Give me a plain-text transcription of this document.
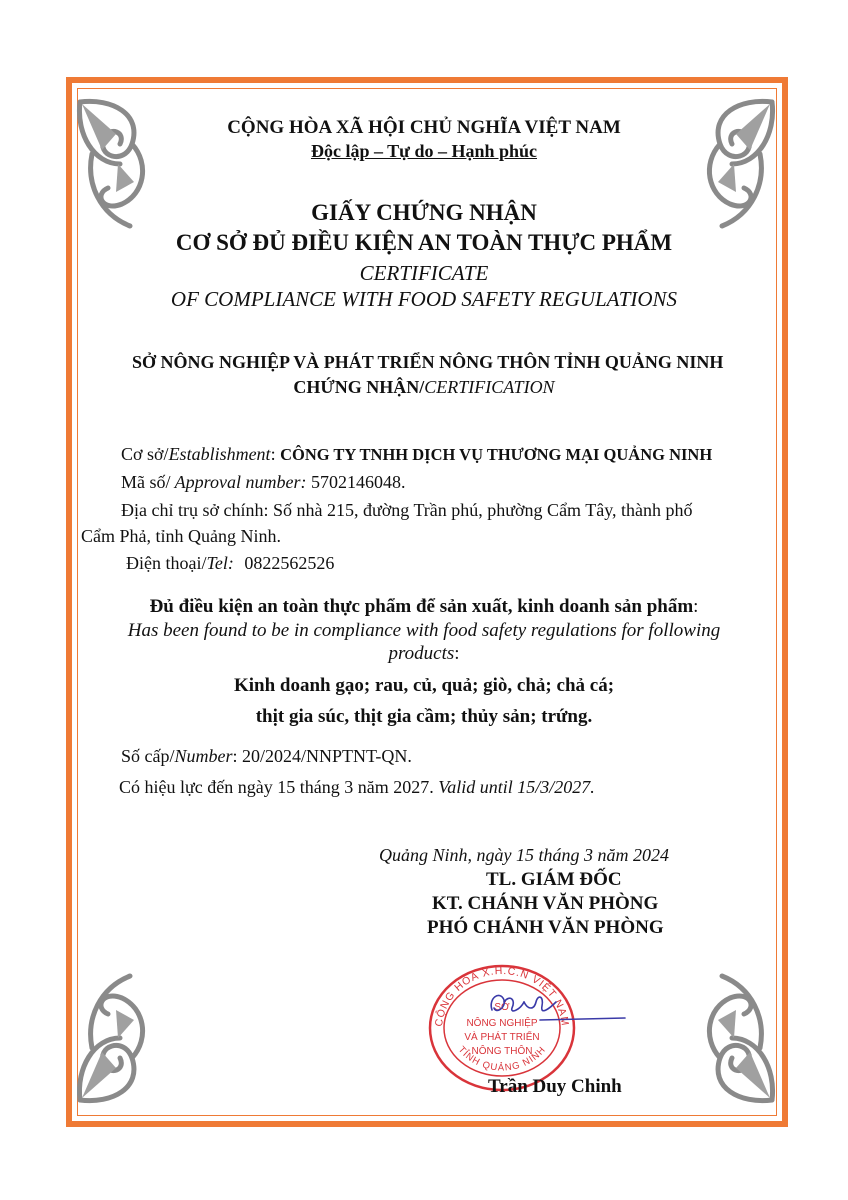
CỘNG HÒA XÃ HỘI CHỦ NGHĨA VIỆT NAM
Độc lập – Tự do – Hạnh phúc
GIẤY CHỨNG NHẬN
CƠ SỞ ĐỦ ĐIỀU KIỆN AN TOÀN THỰC PHẨM
CERTIFICATE
OF COMPLIANCE WITH FOOD SAFETY REGULATIONS
SỞ NÔNG NGHIỆP VÀ PHÁT TRIỂN NÔNG THÔN TỈNH QUẢNG NINH
CHỨNG NHẬN/CERTIFICATION
Cơ sở/Establishment: CÔNG TY TNHH DỊCH VỤ THƯƠNG MẠI QUẢNG NINH
Mã số/ Approval number: 5702146048.
Địa chỉ trụ sở chính: Số nhà 215, đường Trần phú, phường Cẩm Tây, thành phố
Cẩm Phả, tỉnh Quảng Ninh.
Điện thoại/Tel: 0822562526
Đủ điều kiện an toàn thực phẩm để sản xuất, kinh doanh sản phẩm:
Has been found to be in compliance with food safety regulations for following
products:
Kinh doanh gạo; rau, củ, quả; giò, chả; chả cá;
thịt gia súc, thịt gia cầm; thủy sản; trứng.
Số cấp/Number: 20/2024/NNPTNT-QN.
Có hiệu lực đến ngày 15 tháng 3 năm 2027. Valid until 15/3/2027.
Quảng Ninh, ngày 15 tháng 3 năm 2024
TL. GIÁM ĐỐC
KT. CHÁNH VĂN PHÒNG
PHÓ CHÁNH VĂN PHÒNG
CỘNG HÒA X.H.C.N VIỆT NAM
TỈNH QUẢNG NINH
SỞ
NÔNG NGHIỆP
VÀ PHÁT TRIỂN
NÔNG THÔN
Trần Duy Chinh
